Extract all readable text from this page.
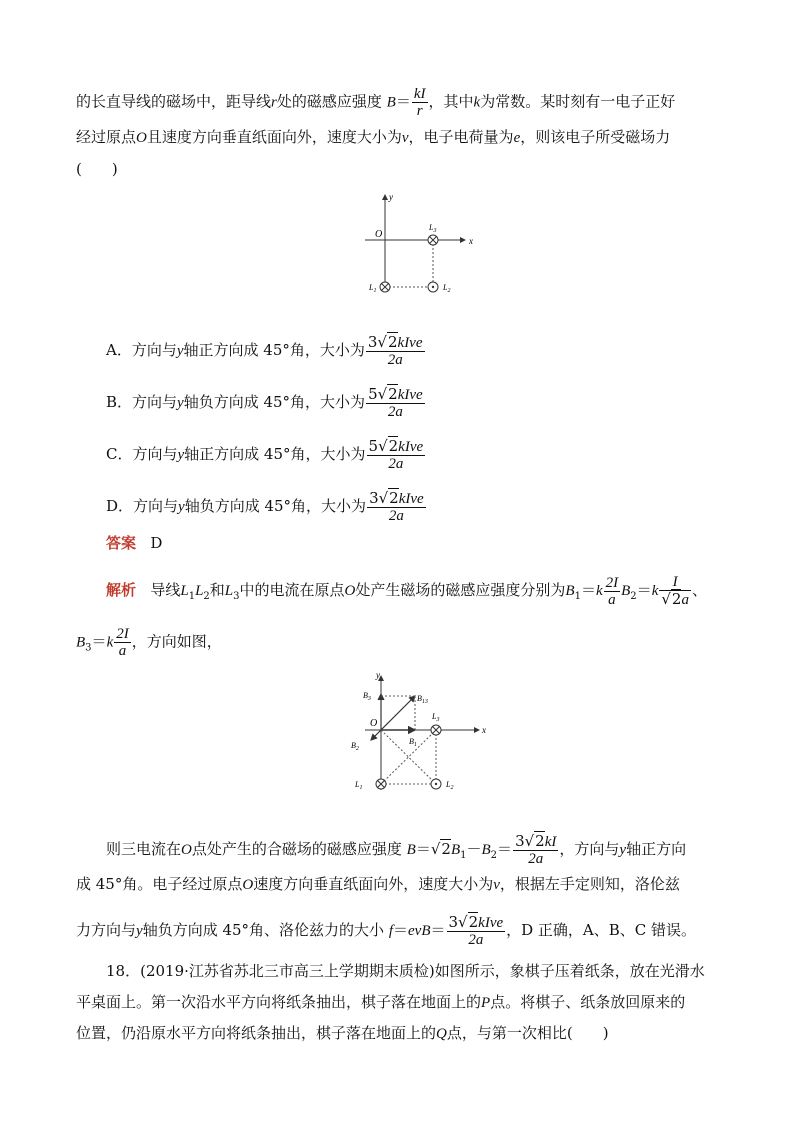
的长直导线的磁场中，距导线r处的磁感应强度 $B= \frac{kI}{r}$ ，其中k为常数。某时刻有一电子正好
经过原点O且速度方向垂直纸面向外，速度大小为v，电子电荷量为e，则该电子所受磁场力
(　　)
x
y
O
$L_3$
$L_1$	$L_2$
A．方向与y轴正方向成 45°角，大小为 $\frac{\text{3√2kIve}}{2a}$
B．方向与y轴负方向成 45°角，大小为 $\frac{\text{5√2kIve}}{2a}$
C．方向与y轴正方向成 45°角，大小为 $\frac{\text{5√2kIve}}{2a}$
D．方向与y轴负方向成 45°角，大小为 $\frac{\text{3√2kIve}}{2a}$
答案 D
解析 导线$L_1L_2$和$L_3$中的电流在原点O处产生磁场的磁感应强度分别为$B_1=k \frac{2I}{a} B_2=k \frac{I}{√2a}$ 、
$B_3=k \frac{2I}{a}$ ，方向如图，
x
y
O
$B_3$	$B_{13}$
$B_2$
$B_1$
$L_3$
$L_1$	$L_2$
则三电流在O点处产生的合磁场的磁感应强度 $B=√2B_1-B_2= \frac{3√2kI}{2a}$ ，方向与y轴正方向
成 45°角。电子经过原点O速度方向垂直纸面向外，速度大小为v，根据左手定则知，洛伦兹
力方向与y轴负方向成 45°角、洛伦兹力的大小 $f=evB= \frac{\text{3√2kIve}}{2a}$ ，D 正确，A、B、C 错误。
18．(2019·江苏省苏北三市高三上学期期末质检)如图所示，象棋子压着纸条，放在光滑水
平桌面上。第一次沿水平方向将纸条抽出，棋子落在地面上的P点。将棋子、纸条放回原来的
位置，仍沿原水平方向将纸条抽出，棋子落在地面上的Q点，与第一次相比(　　)
